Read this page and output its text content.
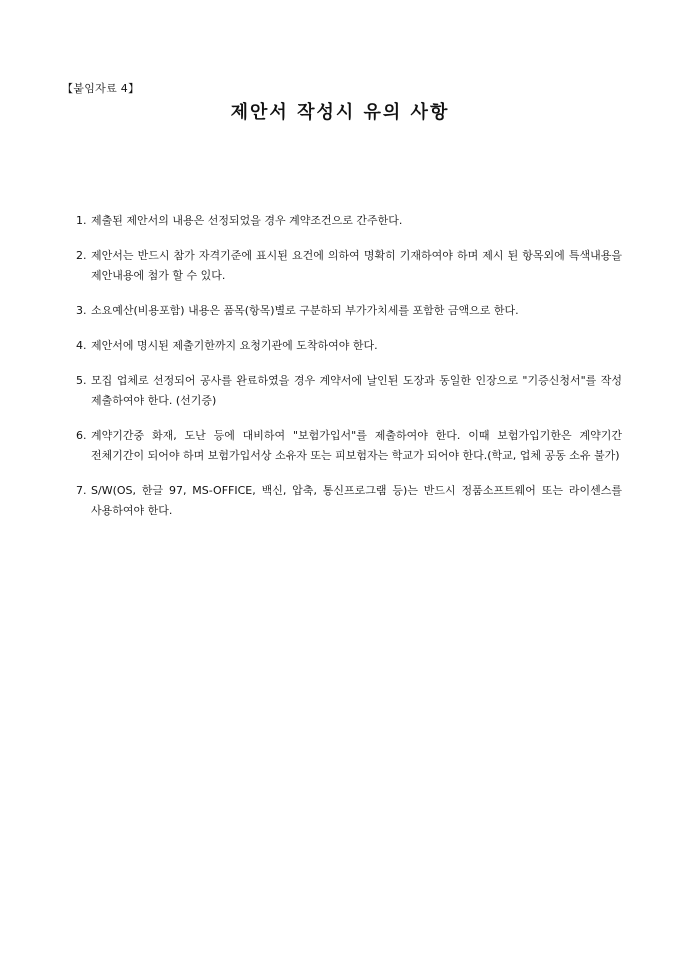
【붙임자료 4】
제안서 작성시 유의 사항
1. 제출된 제안서의 내용은 선정되었을 경우 계약조건으로 간주한다.
2. 제안서는 반드시 참가 자격기준에 표시된 요건에 의하여 명확히 기재하여야 하며 제시 된 항목외에 특색내용을 제안내용에 첨가 할 수 있다.
3. 소요예산(비용포함) 내용은 품목(항목)별로 구분하되 부가가치세를 포함한 금액으로 한다.
4. 제안서에 명시된 제출기한까지 요청기관에 도착하여야 한다.
5. 모집 업체로 선정되어 공사를 완료하였을 경우 계약서에 날인된 도장과 동일한 인장으로 "기증신청서"를 작성 제출하여야 한다. (선기증)
6. 계약기간중 화재, 도난 등에 대비하여 "보험가입서"를 제출하여야 한다. 이때 보험가입기한은 계약기간 전체기간이 되어야 하며 보험가입서상 소유자 또는 피보험자는 학교가 되어야 한다.(학교, 업체 공동 소유 불가)
7. S/W(OS, 한글 97, MS-OFFICE, 백신, 압축, 통신프로그램 등)는 반드시 정품소프트웨어 또는 라이센스를 사용하여야 한다.
